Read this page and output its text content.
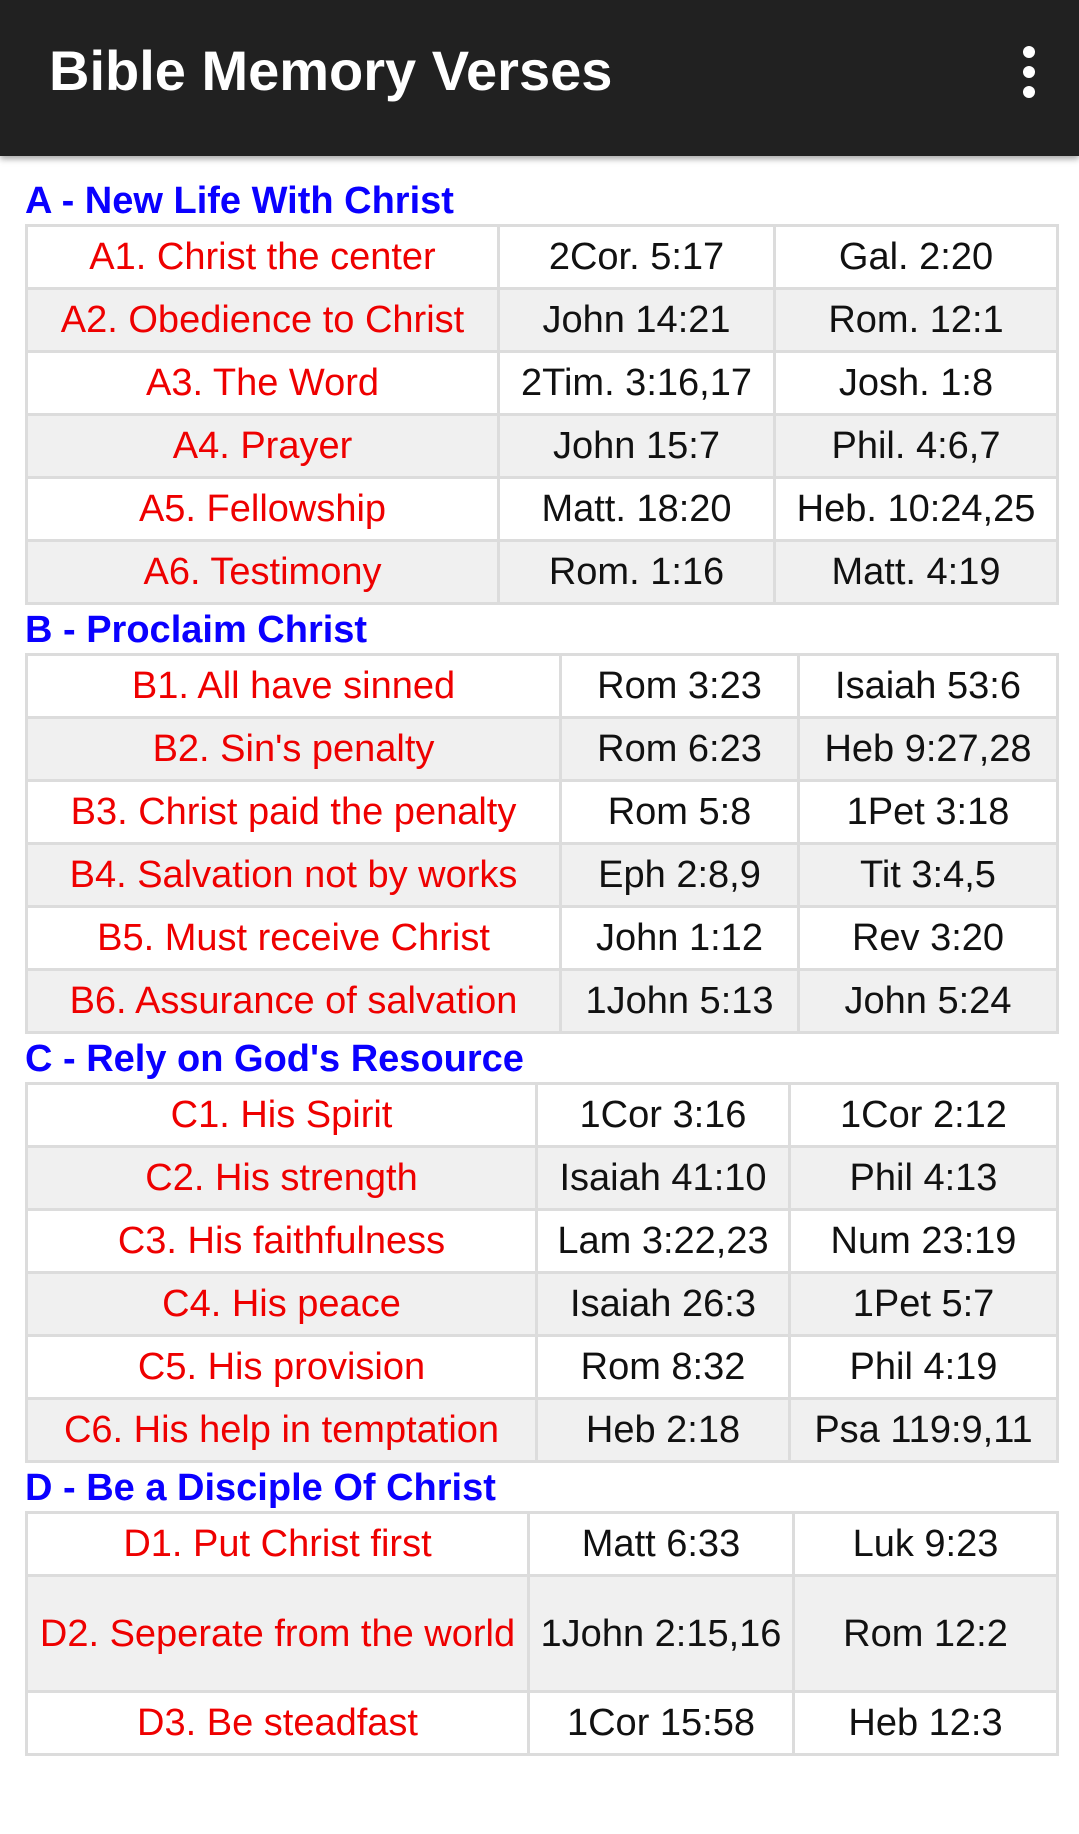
Bible Memory Verses
A - New Life With Christ
A1. Christ the center	2Cor. 5:17	Gal. 2:20
A2. Obedience to Christ	John 14:21	Rom. 12:1
A3. The Word	2Tim. 3:16,17	Josh. 1:8
A4. Prayer	John 15:7	Phil. 4:6,7
A5. Fellowship	Matt. 18:20	Heb. 10:24,25
A6. Testimony	Rom. 1:16	Matt. 4:19
B - Proclaim Christ
B1. All have sinned	Rom 3:23	Isaiah 53:6
B2. Sin's penalty	Rom 6:23	Heb 9:27,28
B3. Christ paid the penalty	Rom 5:8	1Pet 3:18
B4. Salvation not by works	Eph 2:8,9	Tit 3:4,5
B5. Must receive Christ	John 1:12	Rev 3:20
B6. Assurance of salvation	1John 5:13	John 5:24
C - Rely on God's Resource
C1. His Spirit	1Cor 3:16	1Cor 2:12
C2. His strength	Isaiah 41:10	Phil 4:13
C3. His faithfulness	Lam 3:22,23	Num 23:19
C4. His peace	Isaiah 26:3	1Pet 5:7
C5. His provision	Rom 8:32	Phil 4:19
C6. His help in temptation	Heb 2:18	Psa 119:9,11
D - Be a Disciple Of Christ
D1. Put Christ first	Matt 6:33	Luk 9:23
D2. Seperate from the world	1John 2:15,16	Rom 12:2
D3. Be steadfast	1Cor 15:58	Heb 12:3
